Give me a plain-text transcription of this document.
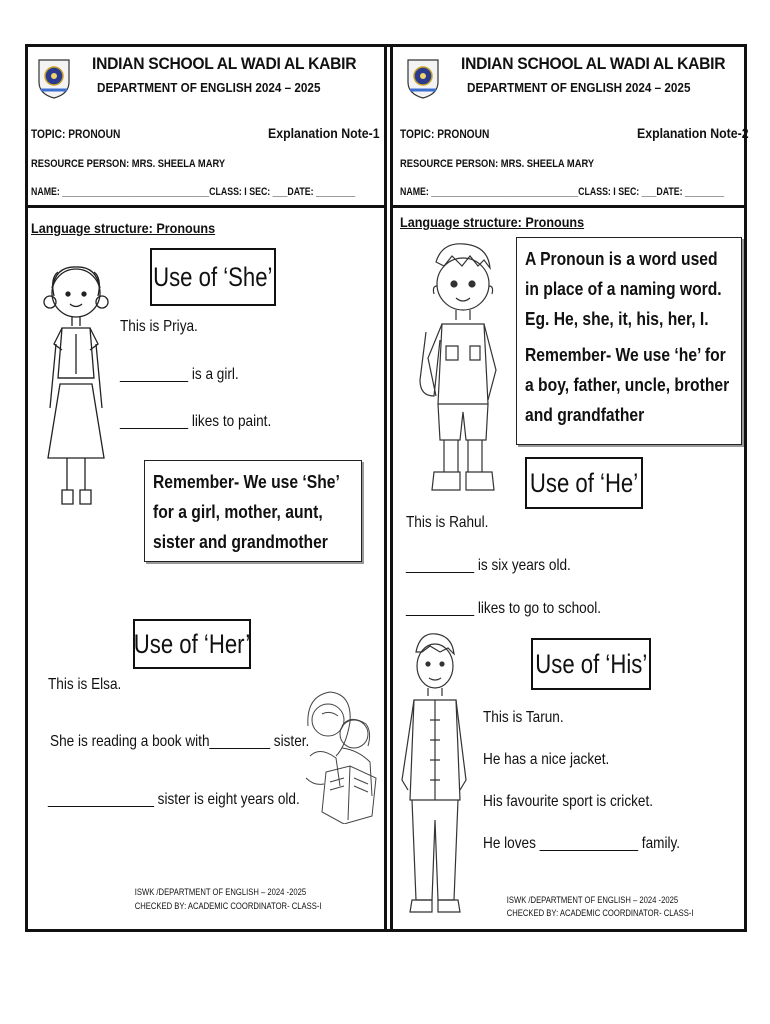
INDIAN SCHOOL AL WADI AL KABIR
DEPARTMENT OF ENGLISH 2024 – 2025
TOPIC: PRONOUN	Explanation Note-1
RESOURCE PERSON: MRS. SHEELA MARY
NAME: ______________________________CLASS: I SEC: ___DATE: ________
Language structure: Pronouns
Use of ‘She’
This is Priya.
_________ is a girl.
_________ likes to paint.

Remember- We use ‘She’ for a girl, mother, aunt, sister and grandmother

Use of ‘Her’
This is Elsa.
She is reading a book with________ sister.
______________ sister is eight years old.
ISWK /DEPARTMENT OF ENGLISH – 2024 -2025
CHECKED BY: ACADEMIC COORDINATOR- CLASS-I
INDIAN SCHOOL AL WADI AL KABIR
DEPARTMENT OF ENGLISH 2024 – 2025
TOPIC: PRONOUN	Explanation Note-2
RESOURCE PERSON: MRS. SHEELA MARY
NAME: ______________________________CLASS: I SEC: ___DATE: ________
Language structure: Pronouns

A Pronoun is a word used in place of a naming word. Eg. He, she, it, his, her, I.

Remember- We use ‘he’ for a boy, father, uncle, brother and grandfather

Use of ‘He’
This is Rahul.
_________ is six years old.
_________ likes to go to school.
Use of ‘His’
This is Tarun.
He has a nice jacket.
His favourite sport is cricket.
He loves _____________ family.
ISWK /DEPARTMENT OF ENGLISH – 2024 -2025
CHECKED BY: ACADEMIC COORDINATOR- CLASS-I
